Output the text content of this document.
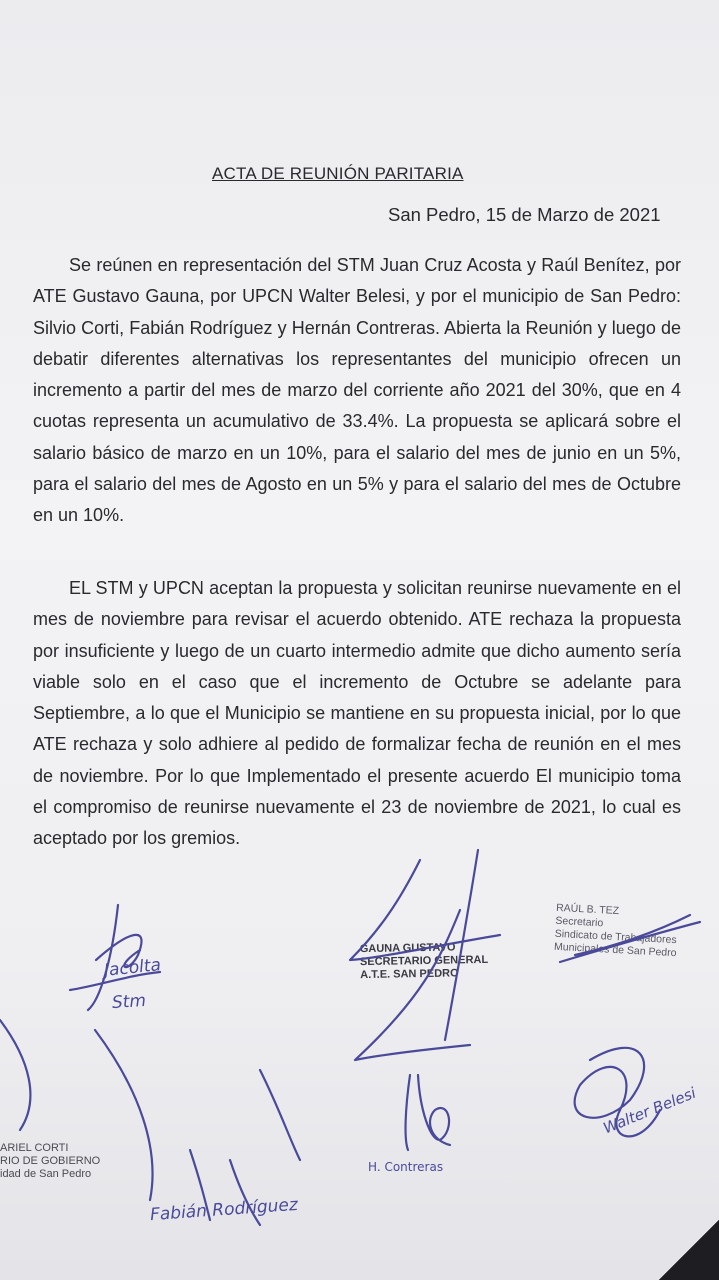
ACTA DE REUNIÓN PARITARIA
San Pedro, 15 de Marzo de 2021
Se reúnen en representación del STM Juan Cruz Acosta y Raúl Benítez, por ATE Gustavo Gauna, por UPCN Walter Belesi, y por el municipio de San Pedro: Silvio Corti, Fabián Rodríguez y Hernán Contreras. Abierta la Reunión y luego de debatir diferentes alternativas los representantes del municipio ofrecen un incremento a partir del mes de marzo del corriente año 2021 del 30%, que en 4 cuotas representa un acumulativo de 33.4%. La propuesta se aplicará sobre el salario básico de marzo en un 10%, para el salario del mes de junio en un 5%, para el salario del mes de Agosto en un 5% y para el salario del mes de Octubre en un 10%.
EL STM y UPCN aceptan la propuesta y solicitan reunirse nuevamente en el mes de noviembre para revisar el acuerdo obtenido. ATE rechaza la propuesta por insuficiente y luego de un cuarto intermedio admite que dicho aumento sería viable solo en el caso que el incremento de Octubre se adelante para Septiembre, a lo que el Municipio se mantiene en su propuesta inicial, por lo que ATE rechaza y solo adhiere al pedido de formalizar fecha de reunión en el mes de noviembre. Por lo que Implementado el presente acuerdo El municipio toma el compromiso de reunirse nuevamente el 23 de noviembre de 2021, lo cual es aceptado por los gremios.
GAUNA GUSTAVO
SECRETARIO GENERAL
A.T.E. SAN PEDRO
RAÚL B. TEZ
Secretario
Sindicato de Trabajadores
Municipales de San Pedro
ARIEL CORTI
RIO DE GOBIERNO
idad de San Pedro
Jacolta
Stm
H. Contreras
Fabián Rodríguez
Walter Belesi
